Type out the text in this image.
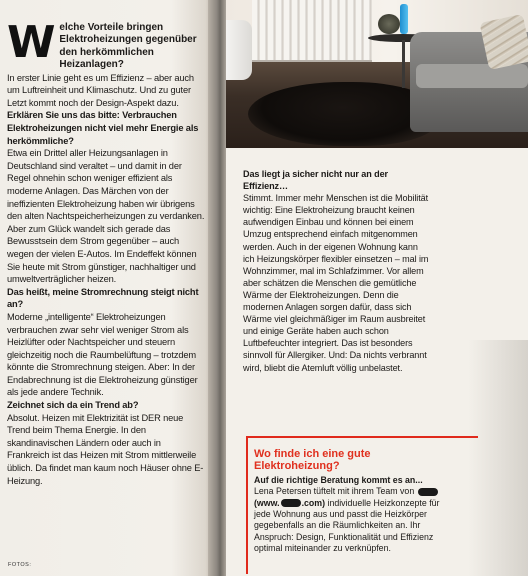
W elche Vorteile bringen Elektroheizungen gegenüber den herkömmlichen Heizanlagen?

In erster Linie geht es um Effizienz – aber auch um Luftreinheit und Klimaschutz. Und zu guter Letzt kommt noch der Design-Aspekt dazu.

Erklären Sie uns das bitte: Verbrauchen Elektroheizungen nicht viel mehr Energie als herkömmliche?

Etwa ein Drittel aller Heizungsanlagen in Deutschland sind veraltet – und damit in der Regel ohnehin schon weniger effizient als moderne Anlagen. Das Märchen von der ineffizienten Elektroheizung haben wir übrigens den alten Nachtspeicherheizungen zu verdanken. Aber zum Glück wandelt sich gerade das Bewusstsein dem Strom gegenüber – auch wegen der vielen E-Autos. Im Endeffekt können Sie heute mit Strom günstiger, nachhaltiger und umweltverträglicher heizen.

Das heißt, meine Stromrechnung steigt nicht an?

Moderne „intelligente“ Elektroheizungen verbrauchen zwar sehr viel weniger Strom als Heizlüfter oder Nachtspeicher und steuern gleichzeitig noch die Raumbelüftung – trotzdem könnte die Stromrechnung steigen. Aber: In der Endabrechnung ist die Elektroheizung günstiger als jede andere Technik.

Zeichnet sich da ein Trend ab?

Absolut. Heizen mit Elektrizität ist DER neue Trend beim Thema Energie. In den skandinavischen Ländern oder auch in Frankreich ist das Heizen mit Strom mittlerweile üblich. Da findet man kaum noch Häuser ohne E-Heizung.

FOTOS:

Das liegt ja sicher nicht nur an der Effizienz…

Stimmt. Immer mehr Menschen ist die Mobilität wichtig: Eine Elektroheizung braucht keinen aufwendigen Einbau und können bei einem Umzug entsprechend einfach mitgenommen werden. Auch in der eigenen Wohnung kann ich Heizungskörper flexibler einsetzen – mal im Wohnzimmer, mal im Schlafzimmer. Vor allem aber schätzen die Menschen die gemütliche Wärme der Elektroheizungen. Denn die modernen Anlagen sorgen dafür, dass sich Wärme viel gleichmäßiger im Raum ausbreitet und einige Geräte haben auch schon Luftbefeuchter integriert. Das ist besonders sinnvoll für Allergiker. Und: Da nichts verbrannt wird, bliebt die Atemluft völlig unbelastet.

Wo finde ich eine gute Elektroheizung?

Auf die richtige Beratung kommt es an...

Lena Petersen tüftelt mit ihrem Team von
(www.	.com) individuelle Heizkonzepte für jede Wohnung aus und passt die Heizkörper gegebenfalls an die Räumlichkeiten an. Ihr Anspruch: Design, Funktionalität und Effizienz optimal miteinander zu verknüpfen.
